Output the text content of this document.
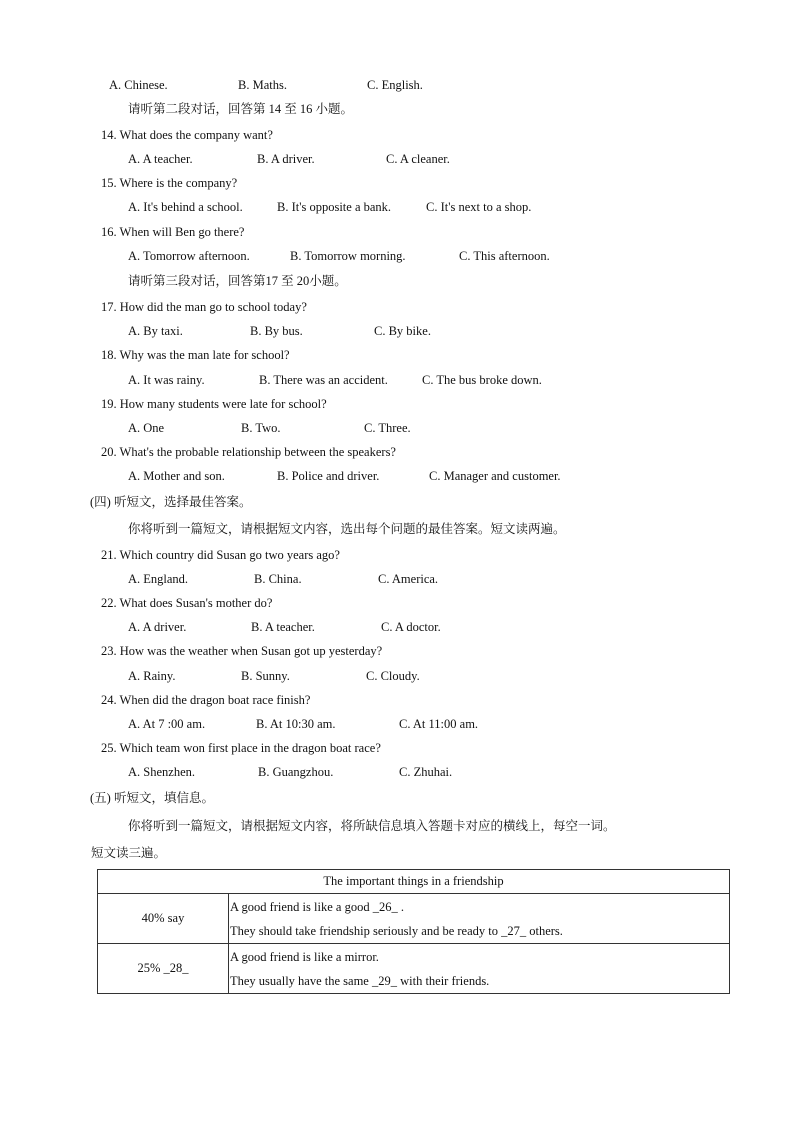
A. Chinese.	B. Maths.	C. English.
请听第二段对话，回答第 14 至 16 小题。
14. What does the company want?
A. A teacher.	B. A driver.	C. A cleaner.
15. Where is the company?
A. It's behind a school.	B. It's opposite a bank.	C. It's next to a shop.
16. When will Ben go there?
A. Tomorrow afternoon.	B. Tomorrow morning.	C. This afternoon.
请听第三段对话，回答第17 至 20小题。
17. How did the man go to school today?
A. By taxi.	B. By bus.	C. By bike.
18. Why was the man late for school?
A. It was rainy.	B. There was an accident.	C. The bus broke down.
19. How many students were late for school?
A. One	B. Two.	C. Three.
20. What's the probable relationship between the speakers?
A. Mother and son.	B. Police and driver.	C. Manager and customer.
(四) 听短文，选择最佳答案。
你将听到一篇短文，请根据短文内容，选出每个问题的最佳答案。短文读两遍。
21. Which country did Susan go two years ago?
A. England.	B. China.	C. America.
22. What does Susan's mother do?
A. A driver.	B. A teacher.	C. A doctor.
23. How was the weather when Susan got up yesterday?
A. Rainy.	B. Sunny.	C. Cloudy.
24. When did the dragon boat race finish?
A. At 7 :00 am.	B. At 10:30 am.	C. At 11:00 am.
25. Which team won first place in the dragon boat race?
A. Shenzhen.	B. Guangzhou.	C. Zhuhai.
(五) 听短文，填信息。
你将听到一篇短文，请根据短文内容，将所缺信息填入答题卡对应的横线上，每空一词。
短文读三遍。
The important things in a friendship	
40% say	A good friend is like a good _26_ .
They should take friendship seriously and be ready to _27_ others.

25% _28_	A good friend is like a mirror.
They usually have the same _29_ with their friends.
